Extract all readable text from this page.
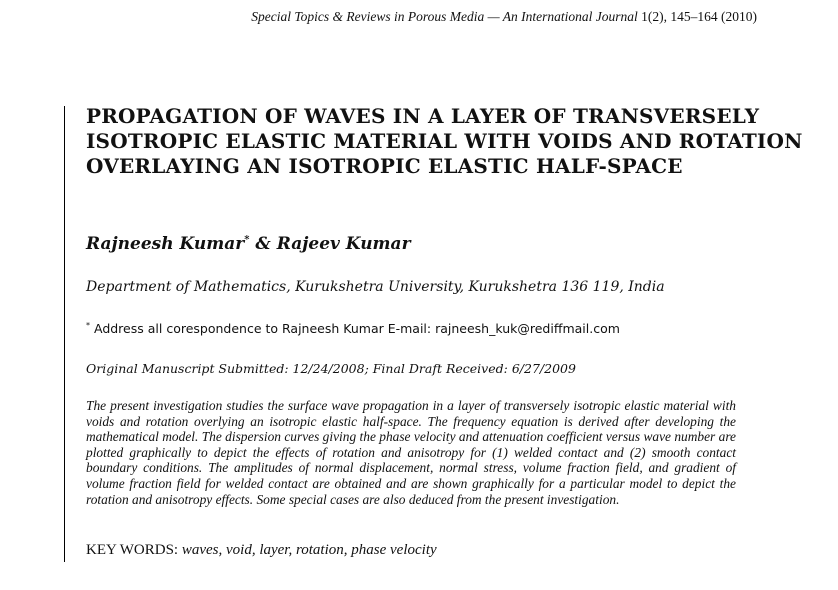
Special Topics & Reviews in Porous Media — An International Journal 1(2), 145–164 (2010)
PROPAGATION OF WAVES IN A LAYER OF TRANSVERSELY ISOTROPIC ELASTIC MATERIAL WITH VOIDS AND ROTATION OVERLAYING AN ISOTROPIC ELASTIC HALF-SPACE
Rajneesh Kumar* & Rajeev Kumar
Department of Mathematics, Kurukshetra University, Kurukshetra 136 119, India
* Address all corespondence to Rajneesh Kumar E-mail: rajneesh_kuk@rediffmail.com
Original Manuscript Submitted: 12/24/2008; Final Draft Received: 6/27/2009

The present investigation studies the surface wave propagation in a layer of transversely isotropic elastic material with voids and rotation overlying an isotropic elastic half-space. The frequency equation is derived after developing the mathematical model. The dispersion curves giving the phase velocity and attenuation coefficient versus wave number are plotted graphically to depict the effects of rotation and anisotropy for (1) welded contact and (2) smooth contact boundary conditions. The amplitudes of normal displacement, normal stress, volume fraction field, and gradient of volume fraction field for welded contact are obtained and are shown graphically for a particular model to depict the rotation and anisotropy effects. Some special cases are also deduced from the present investigation.

KEY WORDS: waves, void, layer, rotation, phase velocity
